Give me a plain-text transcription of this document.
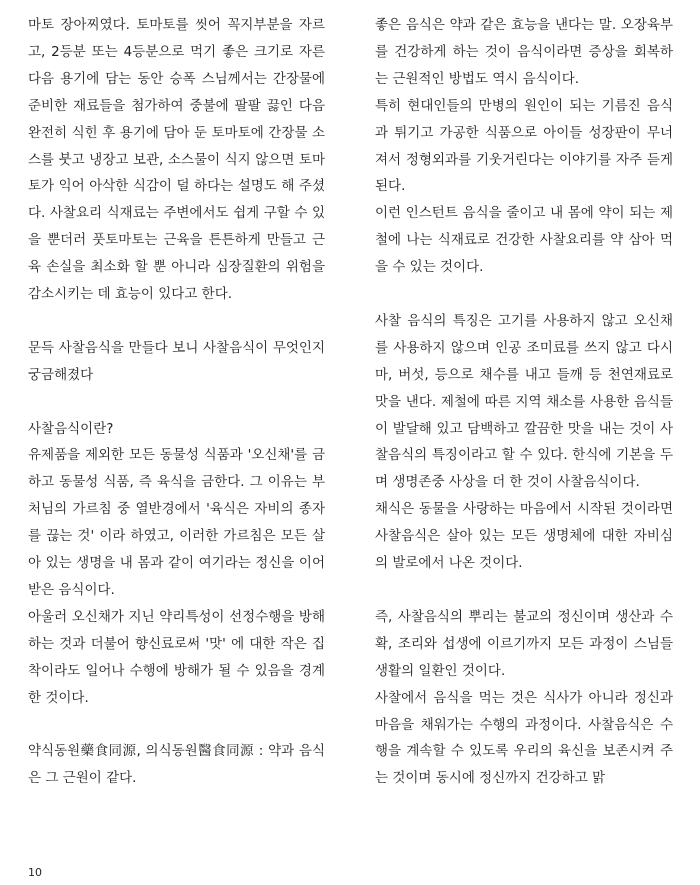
마토 장아찌였다. 토마토를 씻어 꼭지부분을 자르고, 2등분 또는 4등분으로 먹기 좋은 크기로 자른 다음 용기에 담는 동안 승폭 스님께서는 간장물에 준비한 재료들을 첨가하여 중불에 팔팔 끓인 다음 완전히 식힌 후 용기에 담아 둔 토마토에 간장물 소스를 붓고 냉장고 보관, 소스물이 식지 않으면 토마토가 익어 아삭한 식감이 덜 하다는 설명도 해 주셨다. 사찰요리 식재료는 주변에서도 쉽게 구할 수 있을 뿐더러 풋토마토는 근육을 튼튼하게 만들고 근육 손실을 최소화 할 뿐 아니라 심장질환의 위험을 감소시키는 데 효능이 있다고 한다.

문득 사찰음식을 만들다 보니 사찰음식이 무엇인지 궁금해졌다

사찰음식이란?

유제품을 제외한 모든 동물성 식품과 '오신채'를 금하고 동물성 식품, 즉 육식을 금한다. 그 이유는 부처님의 가르침 중 열반경에서 '육식은 자비의 종자를 끊는 것' 이라 하였고, 이러한 가르침은 모든 살아 있는 생명을 내 몸과 같이 여기라는 정신을 이어받은 음식이다.

아울러 오신채가 지닌 약리특성이 선정수행을 방해하는 것과 더불어 향신료로써 '맛' 에 대한 작은 집착이라도 일어나 수행에 방해가 될 수 있음을 경계한 것이다.

약식동원藥食同源, 의식동원醫食同源 : 약과 음식은 그 근원이 같다.

좋은 음식은 약과 같은 효능을 낸다는 말. 오장육부를 건강하게 하는 것이 음식이라면 증상을 회복하는 근원적인 방법도 역시 음식이다.

특히 현대인들의 만병의 원인이 되는 기름진 음식과 튀기고 가공한 식품으로 아이들 성장판이 무너져서 정형외과를 기웃거린다는 이야기를 자주 듣게 된다.

이런 인스턴트 음식을 줄이고 내 몸에 약이 되는 제철에 나는 식재료로 건강한 사찰요리를 약 삼아 먹을 수 있는 것이다.

사찰 음식의 특징은 고기를 사용하지 않고 오신채를 사용하지 않으며 인공 조미료를 쓰지 않고 다시마, 버섯, 등으로 채수를 내고 들깨 등 천연재료로 맛을 낸다. 제철에 따른 지역 채소를 사용한 음식들이 발달해 있고 담백하고 깔끔한 맛을 내는 것이 사찰음식의 특징이라고 할 수 있다. 한식에 기본을 두며 생명존중 사상을 더 한 것이 사찰음식이다.

채식은 동물을 사랑하는 마음에서 시작된 것이라면 사찰음식은 살아 있는 모든 생명체에 대한 자비심의 발로에서 나온 것이다.

즉, 사찰음식의 뿌리는 불교의 정신이며 생산과 수확, 조리와 섭생에 이르기까지 모든 과정이 스님들 생활의 일환인 것이다.

사찰에서 음식을 먹는 것은 식사가 아니라 정신과 마음을 채워가는 수행의 과정이다. 사찰음식은 수행을 계속할 수 있도록 우리의 육신을 보존시켜 주는 것이며 동시에 정신까지 건강하고 맑

10
